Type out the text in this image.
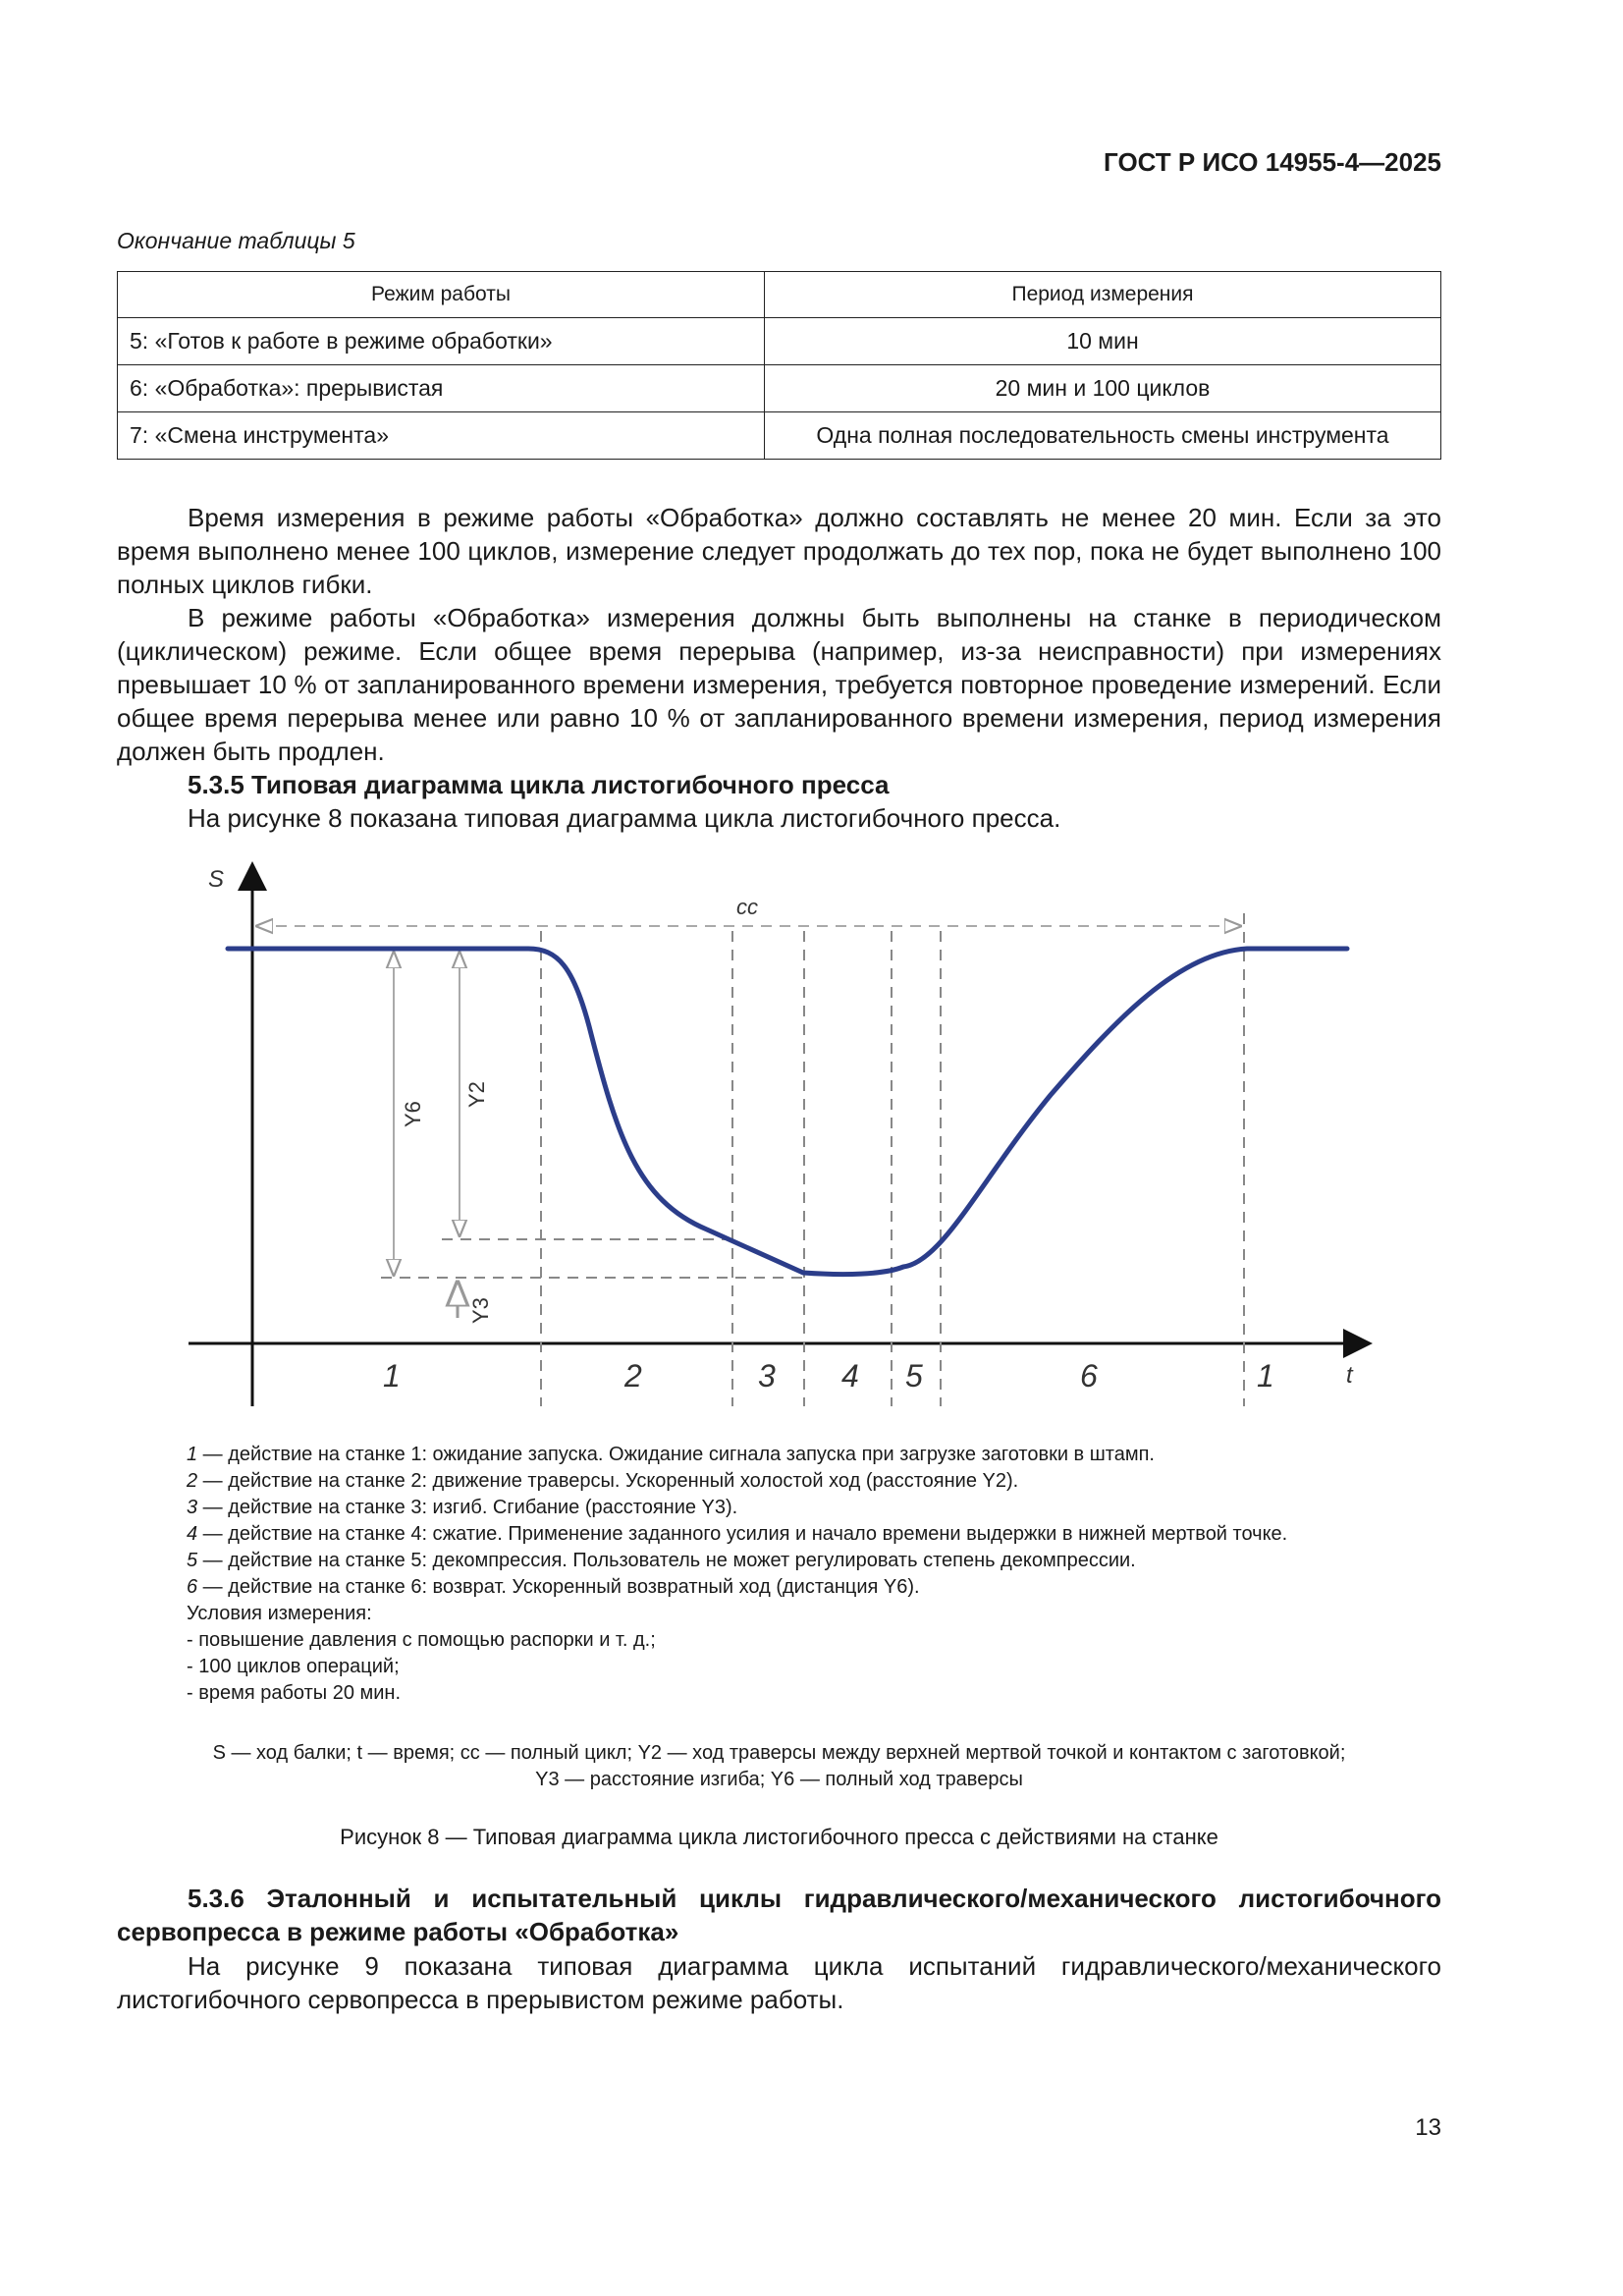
ГОСТ Р ИСО 14955-4—2025
Окончание таблицы 5
Режим работы	Период измерения
5: «Готов к работе в режиме обработки»	10 мин
6: «Обработка»: прерывистая	20 мин и 100 циклов
7: «Смена инструмента»	Одна полная последовательность смены инструмента
Время измерения в режиме работы «Обработка» должно составлять не менее 20 мин. Если за это время выполнено менее 100 циклов, измерение следует продолжать до тех пор, пока не будет выполнено 100 полных циклов гибки.
В режиме работы «Обработка» измерения должны быть выполнены на станке в периодическом (циклическом) режиме. Если общее время перерыва (например, из-за неисправности) при измерениях превышает 10 % от запланированного времени измерения, требуется повторное проведение измерений. Если общее время перерыва менее или равно 10 % от запланированного времени измерения, период измерения должен быть продлен.
5.3.5 Типовая диаграмма цикла листогибочного пресса
На рисунке 8 показана типовая диаграмма цикла листогибочного пресса.
S
t
cc
Y6
Y2
Y3
1	2	3 4 5	6	1
1 — действие на станке 1: ожидание запуска. Ожидание сигнала запуска при загрузке заготовки в штамп.
2 — действие на станке 2: движение траверсы. Ускоренный холостой ход (расстояние Y2).
3 — действие на станке 3: изгиб. Сгибание (расстояние Y3).
4 — действие на станке 4: сжатие. Применение заданного усилия и начало времени выдержки в нижней мертвой точке.
5 — действие на станке 5: декомпрессия. Пользователь не может регулировать степень декомпрессии.
6 — действие на станке 6: возврат. Ускоренный возвратный ход (дистанция Y6).
Условия измерения:
- повышение давления с помощью распорки и т. д.;
- 100 циклов операций;
- время работы 20 мин.
S — ход балки; t — время; cc — полный цикл; Y2 — ход траверсы между верхней мертвой точкой и контактом с заготовкой;
Y3 — расстояние изгиба; Y6 — полный ход траверсы
Рисунок 8 — Типовая диаграмма цикла листогибочного пресса с действиями на станке
5.3.6 Эталонный и испытательный циклы гидравлического/механического листогибочного сервопресса в режиме работы «Обработка»
На рисунке 9 показана типовая диаграмма цикла испытаний гидравлического/механического листогибочного сервопресса в прерывистом режиме работы.
13
